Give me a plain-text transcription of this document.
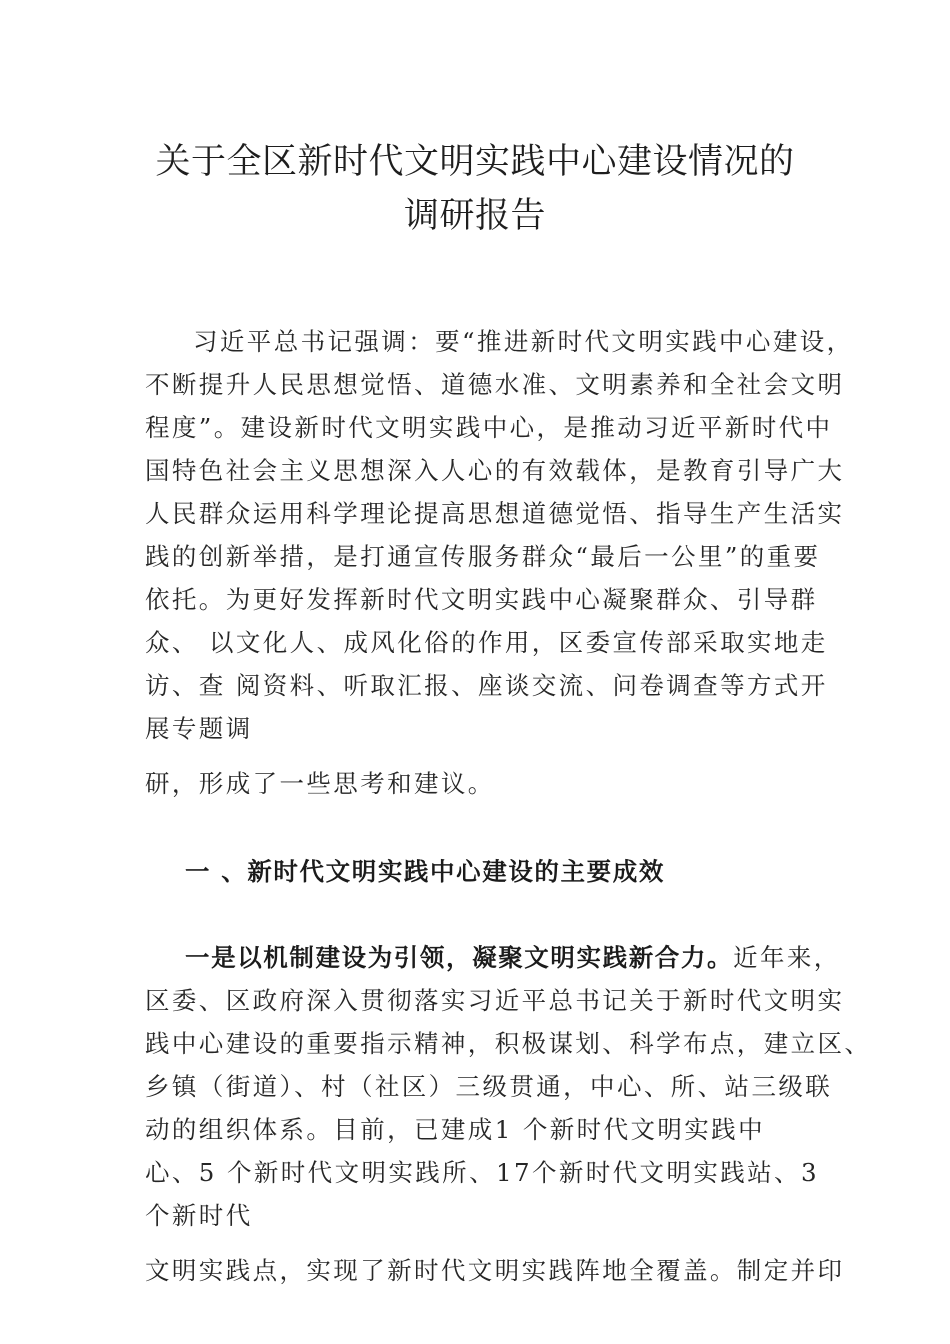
关于全区新时代文明实践中心建设情况的
调研报告
习近平总书记强调：要“推进新时代文明实践中心建设，
不断提升人民思想觉悟、道德水准、文明素养和全社会文明
程度”。建设新时代文明实践中心，是推动习近平新时代中
国特色社会主义思想深入人心的有效载体，是教育引导广大
人民群众运用科学理论提高思想道德觉悟、指导生产生活实
践的创新举措，是打通宣传服务群众“最后一公里”的重要
依托。为更好发挥新时代文明实践中心凝聚群众、引导群
众、 以文化人、成风化俗的作用，区委宣传部采取实地走
访、查 阅资料、听取汇报、座谈交流、问卷调查等方式开
展专题调
研，形成了一些思考和建议。
一 、新时代文明实践中心建设的主要成效
一是以机制建设为引领，凝聚文明实践新合力。近年来，
区委、区政府深入贯彻落实习近平总书记关于新时代文明实
践中心建设的重要指示精神，积极谋划、科学布点，建立区、
乡镇（街道）、村（社区）三级贯通，中心、所、站三级联
动的组织体系。目前，已建成1 个新时代文明实践中
心、5 个新时代文明实践所、17个新时代文明实践站、3
个新时代
文明实践点，实现了新时代文明实践阵地全覆盖。制定并印
